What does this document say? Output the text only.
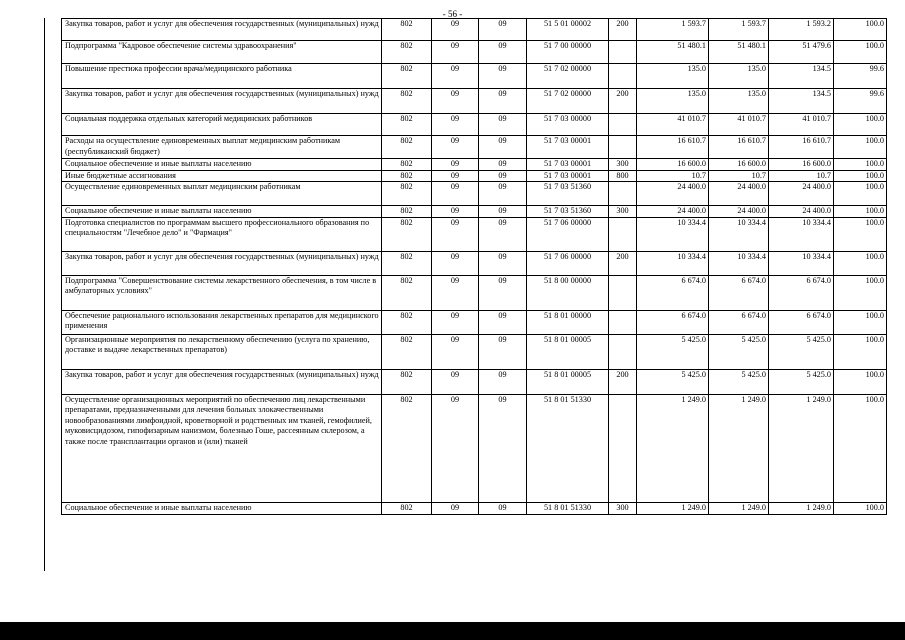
- 56 -
Закупка товаров, работ и услуг для обеспечения государственных (муниципальных) нужд	802	09	09	51 5 01 00002	200	1 593.7	1 593.7	1 593.2	100.0
Подпрограмма "Кадровое обеспечение системы здравоохранения"	802	09	09	51 7 00 00000		51 480.1	51 480.1	51 479.6	100.0
Повышение престижа профессии врача/медицинского работника	802	09	09	51 7 02 00000		135.0	135.0	134.5	99.6
Закупка товаров, работ и услуг для обеспечения государственных (муниципальных) нужд	802	09	09	51 7 02 00000	200	135.0	135.0	134.5	99.6
Социальная поддержка отдельных категорий медицинских работников	802	09	09	51 7 03 00000		41 010.7	41 010.7	41 010.7	100.0
Расходы на осуществление единовременных выплат медицинским работникам (республиканский бюджет)	802	09	09	51 7 03 00001		16 610.7	16 610.7	16 610.7	100.0
Социальное обеспечение и иные выплаты населению	802	09	09	51 7 03 00001	300	16 600.0	16 600.0	16 600.0	100.0
Иные бюджетные ассигнования	802	09	09	51 7 03 00001	800	10.7	10.7	10.7	100.0
Осуществление единовременных выплат медицинским работникам	802	09	09	51 7 03 51360		24 400.0	24 400.0	24 400.0	100.0
Социальное обеспечение и иные выплаты населению	802	09	09	51 7 03 51360	300	24 400.0	24 400.0	24 400.0	100.0
Подготовка специалистов по программам высшего профессионального образования по специальностям "Лечебное дело" и "Фармация"	802	09	09	51 7 06 00000		10 334.4	10 334.4	10 334.4	100.0
Закупка товаров, работ и услуг для обеспечения государственных (муниципальных) нужд	802	09	09	51 7 06 00000	200	10 334.4	10 334.4	10 334.4	100.0
Подпрограмма "Совершенствование системы лекарственного обеспечения, в том числе в амбулаторных условиях"	802	09	09	51 8 00 00000		6 674.0	6 674.0	6 674.0	100.0
Обеспечение рационального использования лекарственных препаратов для медицинского применения	802	09	09	51 8 01 00000		6 674.0	6 674.0	6 674.0	100.0
Организационные мероприятия по лекарственному обеспечению (услуга по хранению, доставке и выдаче лекарственных препаратов)	802	09	09	51 8 01 00005		5 425.0	5 425.0	5 425.0	100.0
Закупка товаров, работ и услуг для обеспечения государственных (муниципальных) нужд	802	09	09	51 8 01 00005	200	5 425.0	5 425.0	5 425.0	100.0
Осуществление организационных мероприятий по обеспечению лиц лекарственными препаратами, предназначенными для лечения больных злокачественными новообразованиями лимфоидной, кроветворной и родственных им тканей, гемофилией, муковисцидозом, гипофизарным нанизмом, болезнью Гоше, рассеянным склерозом, а также после трансплантации органов и (или) тканей	802	09	09	51 8 01 51330		1 249.0	1 249.0	1 249.0	100.0
Социальное обеспечение и иные выплаты населению	802	09	09	51 8 01 51330	300	1 249.0	1 249.0	1 249.0	100.0
